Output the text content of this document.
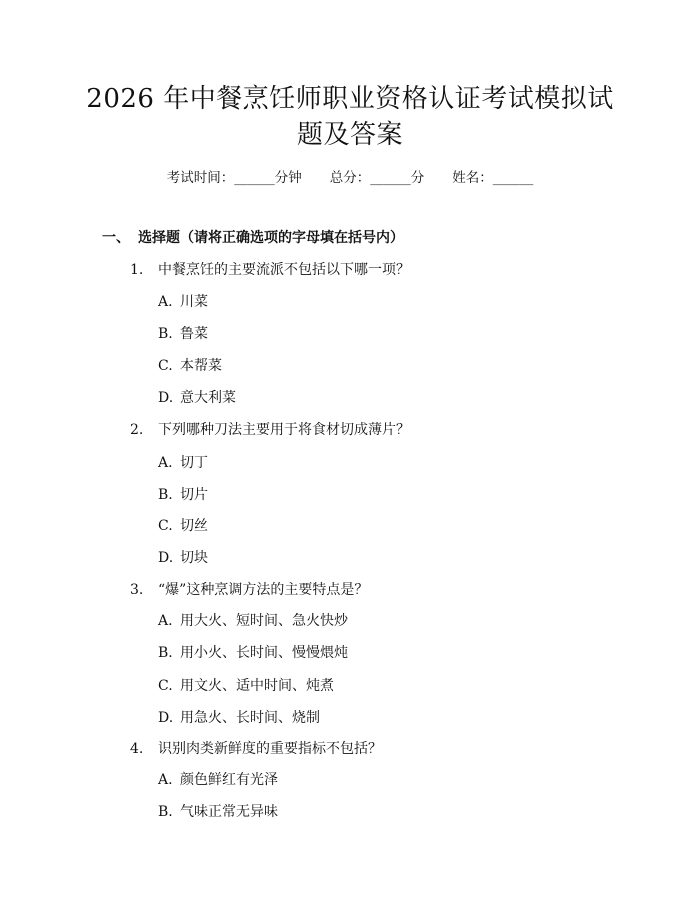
2026 年中餐烹饪师职业资格认证考试模拟试
题及答案
考试时间：______分钟 总分：______分 姓名：______
一、 选择题（请将正确选项的字母填在括号内）
1. 中餐烹饪的主要流派不包括以下哪一项？
A. 川菜
B. 鲁菜
C. 本帮菜
D. 意大利菜
2. 下列哪种刀法主要用于将食材切成薄片？
A. 切丁
B. 切片
C. 切丝
D. 切块
3. “爆”这种烹调方法的主要特点是？
A. 用大火、短时间、急火快炒
B. 用小火、长时间、慢慢煨炖
C. 用文火、适中时间、炖煮
D. 用急火、长时间、烧制
4. 识别肉类新鲜度的重要指标不包括？
A. 颜色鲜红有光泽
B. 气味正常无异味
